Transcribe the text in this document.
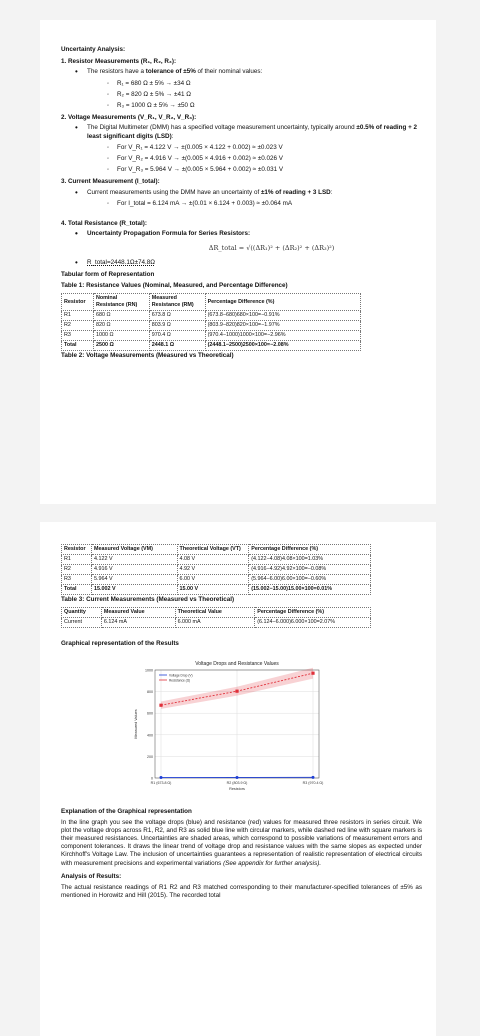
Uncertainty Analysis:
1. Resistor Measurements (R₁, R₂, R₃):
• The resistors have a tolerance of ±5% of their nominal values:
◦ R₁ = 680 Ω ± 5% → ±34 Ω
◦ R₂ = 820 Ω ± 5% → ±41 Ω
◦ R₃ = 1000 Ω ± 5% → ±50 Ω
2. Voltage Measurements (V_R₁, V_R₂, V_R₃):
• The Digital Multimeter (DMM) has a specified voltage measurement uncertainty, typically around ±0.5% of reading + 2 least significant digits (LSD):
◦ For V_R₁ = 4.122 V → ±(0.005 × 4.122 + 0.002) ≈ ±0.023 V
◦ For V_R₂ = 4.916 V → ±(0.005 × 4.916 + 0.002) ≈ ±0.026 V
◦ For V_R₃ = 5.964 V → ±(0.005 × 5.964 + 0.002) ≈ ±0.031 V
3. Current Measurement (I_total):
• Current measurements using the DMM have an uncertainty of ±1% of reading + 3 LSD:
◦ For I_total = 6.124 mA → ±(0.01 × 6.124 + 0.003) ≈ ±0.064 mA
4. Total Resistance (R_total):
• Uncertainty Propagation Formula for Series Resistors:
ΔR_total = √((ΔR₁)² + (ΔR₂)² + (ΔR₃)²)
• R_total=2448.1Ω±74.8Ω
Tabular form of Representation
Table 1: Resistance Values (Nominal, Measured, and Percentage Difference)
Resistor	Nominal Resistance (RN)	Measured Resistance (RM)	Percentage Difference (%)
R1	680 Ω	673.8 Ω	(673.8−680)680×100=−0.91%
R2	820 Ω	803.9 Ω	(803.9−820)820×100=−1.97%
R3	1000 Ω	970.4 Ω	(970.4−1000)1000×100=−2.96%
Total	2500 Ω	2448.1 Ω	(2448.1−2500)2500×100=−2.08%
Table 2: Voltage Measurements (Measured vs Theoretical)
Resistor	Measured Voltage (VM)	Theoretical Voltage (VT)	Percentage Difference (%)
R1	4.122 V	4.08 V	(4.122−4.08)4.08×100=1.03%
R2	4.916 V	4.92 V	(4.916−4.92)4.92×100=−0.08%
R3	5.964 V	6.00 V	(5.964−6.00)6.00×100=−0.60%
Total	15.002 V	15.00 V	(15.002−15.00)15.00×100=0.01%
Table 3: Current Measurements (Measured vs Theoretical)
Quantity	Measured Value	Theoretical Value	Percentage Difference (%)
Current	6.124 mA	6.000 mA	(6.124−6.000)6.000×100=2.07%
Graphical representation of the Results
0
200
400
600
800
1000
R1 (673.8 Ω)	R2 (803.9 Ω)	R3 (970.4 Ω)
Voltage Drops and Resistance Values
Resistors
Measured Values
Voltage Drop (V)
Resistance (Ω)
Explanation of the Graphical representation
In the line graph you see the voltage drops (blue) and resistance (red) values for measured three resistors in series circuit. We plot the voltage drops across R1, R2, and R3 as solid blue line with circular markers, while dashed red line with square markers is their measured resistances. Uncertainties are shaded areas, which correspond to possible variations of measurement errors and component tolerances. It draws the linear trend of voltage drop and resistance values with the same slopes as expected under Kirchhoff's Voltage Law. The inclusion of uncertainties guarantees a representation of realistic representation of electrical circuits with measurement precisions and experimental variations (See appendix for further analysis).
Analysis of Results:
The actual resistance readings of R1 R2 and R3 matched corresponding to their manufacturer-specified tolerances of ±5% as mentioned in Horowitz and Hill (2015). The recorded total
